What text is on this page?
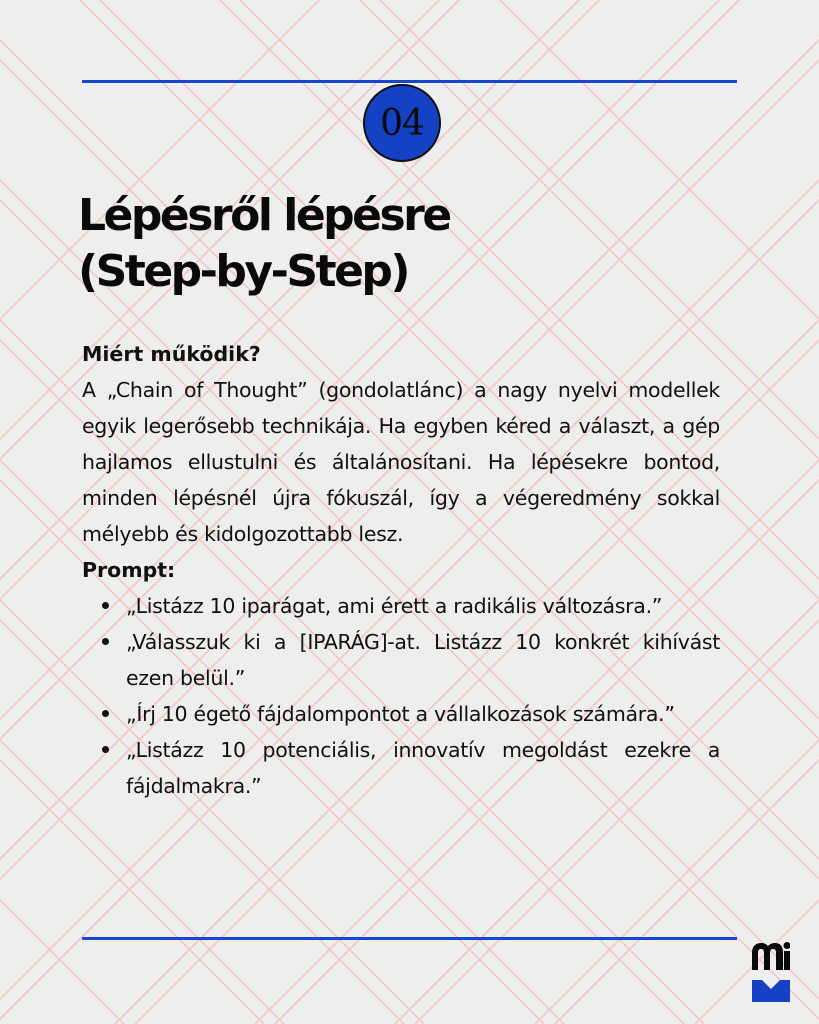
04
Lépésről lépésre
(Step-by-Step)
Miért működik?

A „Chain of Thought” (gondolatlánc) a nagy nyelvi modellek egyik legerősebb technikája. Ha egyben kéred a választ, a gép hajlamos ellustulni és általánosítani. Ha lépésekre bontod, minden lépésnél újra fókuszál, így a végeredmény sokkal mélyebb és kidolgozottabb lesz.

Prompt:
„Listázz 10 iparágat, ami érett a radikális változásra.”
„Válasszuk ki a [IPARÁG]-at. Listázz 10 konkrét kihívást ezen belül.”
„Írj 10 égető fájdalompontot a vállalkozások számára.”
„Listázz 10 potenciális, innovatív megoldást ezekre a fájdalmakra.”
